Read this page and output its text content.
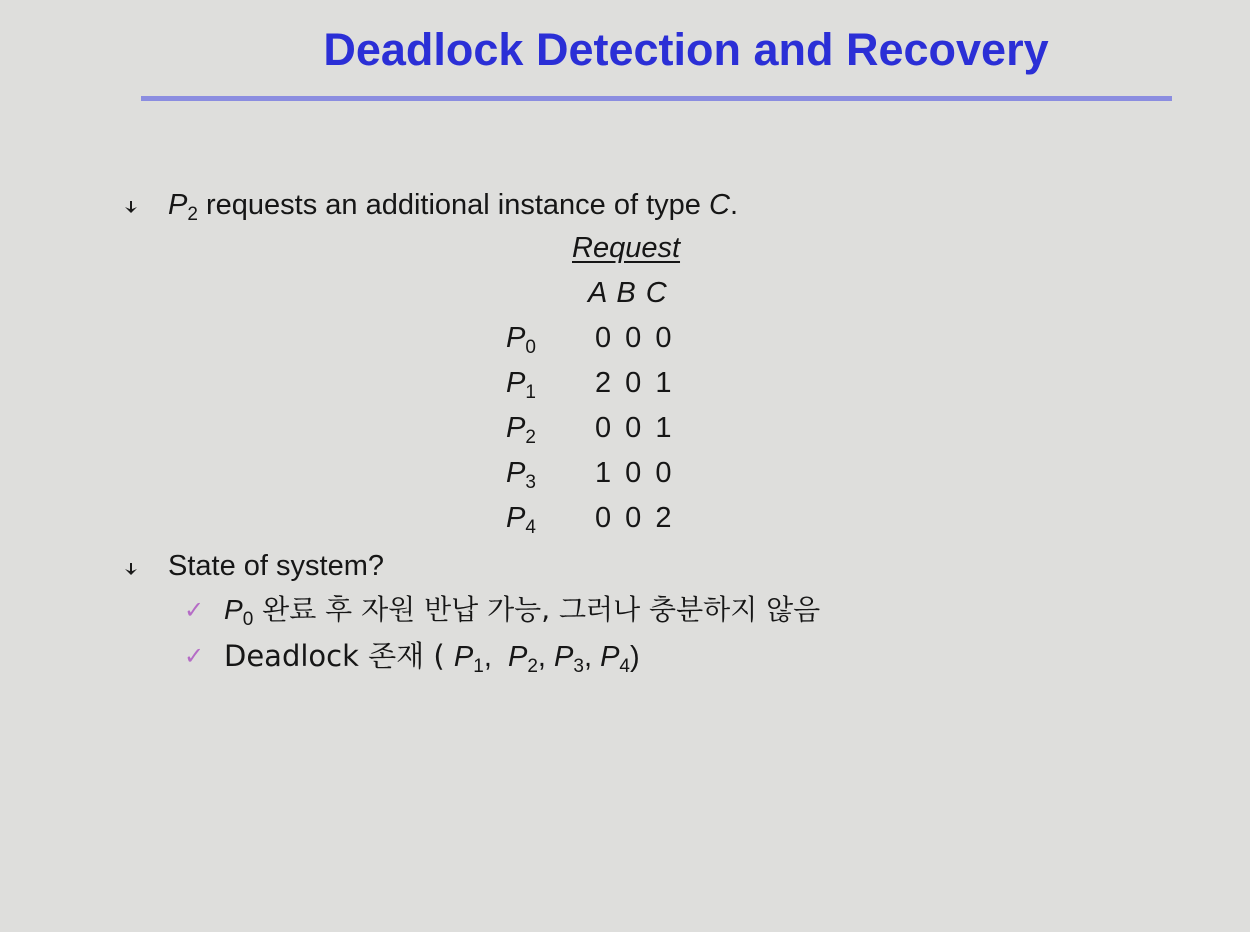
Deadlock Detection and Recovery
$P_2$ requests an additional instance of type C.
Request
A B C
$P_0$ 0 0 0
$P_1$ 2 0 1
$P_2$ 0 0 1
$P_3$ 1 0 0
$P_4$ 0 0 2
State of system?
✓ $P_0$ 완료 후 자원 반납 가능, 그러나 충분하지 않음
✓ Deadlock 존재 ( $P_1$,  $P_2$, $P_3$, $P_4$)
